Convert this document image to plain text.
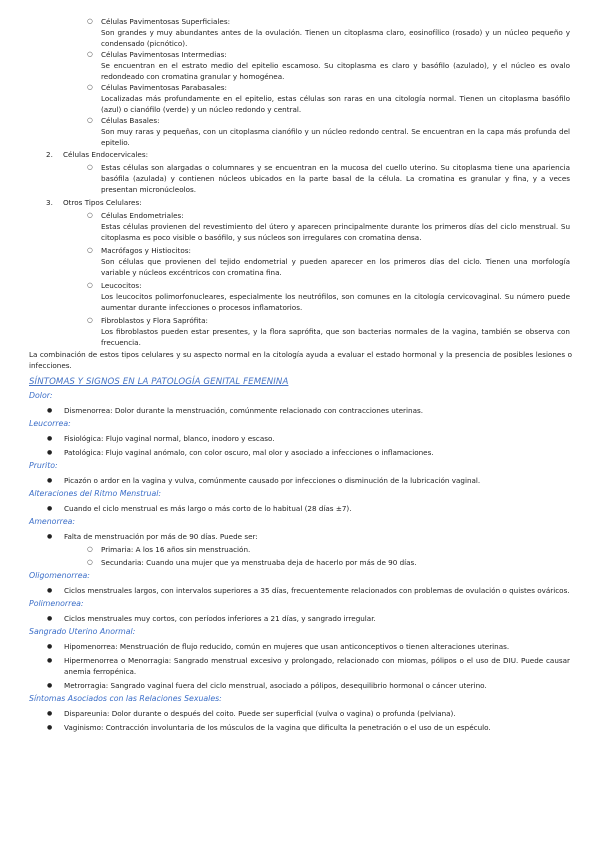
○ Células Pavimentosas Superficiales:
Son grandes y muy abundantes antes de la ovulación. Tienen un citoplasma claro, eosinofílico (rosado) y un núcleo pequeño y condensado (picnótico).
○ Células Pavimentosas Intermedias:
Se encuentran en el estrato medio del epitelio escamoso. Su citoplasma es claro y basófilo (azulado), y el núcleo es ovalo redondeado con cromatina granular y homogénea.
○ Células Pavimentosas Parabasales:
Localizadas más profundamente en el epitelio, estas células son raras en una citología normal. Tienen un citoplasma basófilo (azul) o cianófilo (verde) y un núcleo redondo y central.
○ Células Basales:
Son muy raras y pequeñas, con un citoplasma cianófilo y un núcleo redondo central. Se encuentran en la capa más profunda del epitelio.
2. Células Endocervicales:
○ Estas células son alargadas o columnares y se encuentran en la mucosa del cuello uterino. Su citoplasma tiene una apariencia basófila (azulada) y contienen núcleos ubicados en la parte basal de la célula. La cromatina es granular y fina, y a veces presentan micronúcleolos.
3. Otros Tipos Celulares:
○ Células Endometriales:
Estas células provienen del revestimiento del útero y aparecen principalmente durante los primeros días del ciclo menstrual. Su citoplasma es poco visible o basófilo, y sus núcleos son irregulares con cromatina densa.
○ Macrófagos y Histiocitos:
Son células que provienen del tejido endometrial y pueden aparecer en los primeros días del ciclo. Tienen una morfología variable y núcleos excéntricos con cromatina fina.
○ Leucocitos:
Los leucocitos polimorfonucleares, especialmente los neutrófilos, son comunes en la citología cervicovaginal. Su número puede aumentar durante infecciones o procesos inflamatorios.
○ Fibroblastos y Flora Saprófita:
Los fibroblastos pueden estar presentes, y la flora saprófita, que son bacterias normales de la vagina, también se observa con frecuencia.
La combinación de estos tipos celulares y su aspecto normal en la citología ayuda a evaluar el estado hormonal y la presencia de posibles lesiones o infecciones.
SÍNTOMAS Y SIGNOS EN LA PATOLOGÍA GENITAL FEMENINA
Dolor:
● Dismenorrea: Dolor durante la menstruación, comúnmente relacionado con contracciones uterinas.
Leucorrea:
● Fisiológica: Flujo vaginal normal, blanco, inodoro y escaso.
● Patológica: Flujo vaginal anómalo, con color oscuro, mal olor y asociado a infecciones o inflamaciones.
Prurito:
● Picazón o ardor en la vagina y vulva, comúnmente causado por infecciones o disminución de la lubricación vaginal.
Alteraciones del Ritmo Menstrual:
● Cuando el ciclo menstrual es más largo o más corto de lo habitual (28 días ±7).
Amenorrea:
● Falta de menstruación por más de 90 días. Puede ser:
○ Primaria: A los 16 años sin menstruación.
○ Secundaria: Cuando una mujer que ya menstruaba deja de hacerlo por más de 90 días.
Oligomenorrea:
● Ciclos menstruales largos, con intervalos superiores a 35 días, frecuentemente relacionados con problemas de ovulación o quistes ováricos.
Polimenorrea:
● Ciclos menstruales muy cortos, con períodos inferiores a 21 días, y sangrado irregular.
Sangrado Uterino Anormal:
● Hipomenorrea: Menstruación de flujo reducido, común en mujeres que usan anticonceptivos o tienen alteraciones uterinas.
● Hipermenorrea o Menorragia: Sangrado menstrual excesivo y prolongado, relacionado con miomas, pólipos o el uso de DIU. Puede causar anemia ferropénica.
● Metrorragia: Sangrado vaginal fuera del ciclo menstrual, asociado a pólipos, desequilibrio hormonal o cáncer uterino.
Síntomas Asociados con las Relaciones Sexuales:
● Dispareunia: Dolor durante o después del coito. Puede ser superficial (vulva o vagina) o profunda (pelviana).
● Vaginismo: Contracción involuntaria de los músculos de la vagina que dificulta la penetración o el uso de un espéculo.
